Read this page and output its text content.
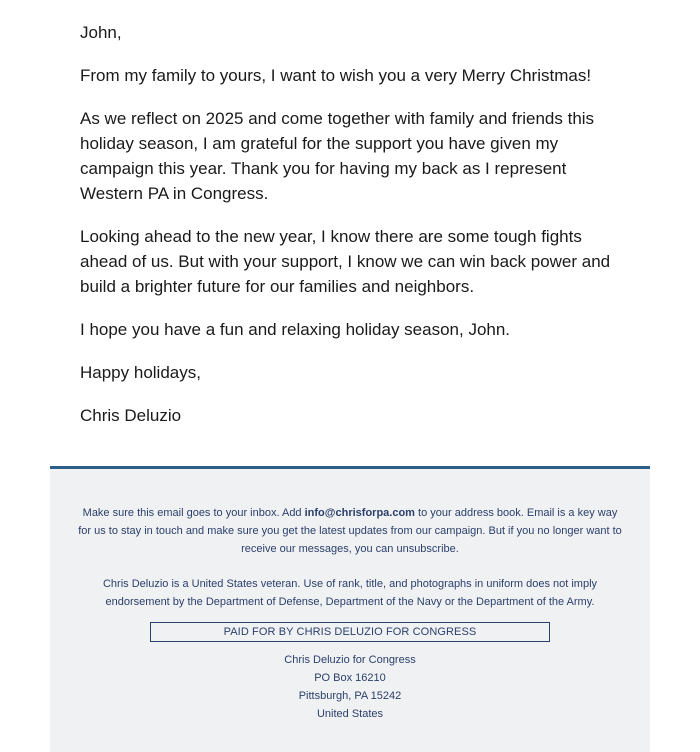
John,

From my family to yours, I want to wish you a very Merry Christmas!

As we reflect on 2025 and come together with family and friends this holiday season, I am grateful for the support you have given my campaign this year. Thank you for having my back as I represent Western PA in Congress.

Looking ahead to the new year, I know there are some tough fights ahead of us. But with your support, I know we can win back power and build a brighter future for our families and neighbors.

I hope you have a fun and relaxing holiday season, John.

Happy holidays,

Chris Deluzio

Make sure this email goes to your inbox. Add info@chrisforpa.com to your address book. Email is a key way for us to stay in touch and make sure you get the latest updates from our campaign. But if you no longer want to receive our messages, you can unsubscribe.
Chris Deluzio is a United States veteran. Use of rank, title, and photographs in uniform does not imply endorsement by the Department of Defense, Department of the Navy or the Department of the Army.
PAID FOR BY CHRIS DELUZIO FOR CONGRESS
Chris Deluzio for Congress
PO Box 16210
Pittsburgh, PA 15242
United States
